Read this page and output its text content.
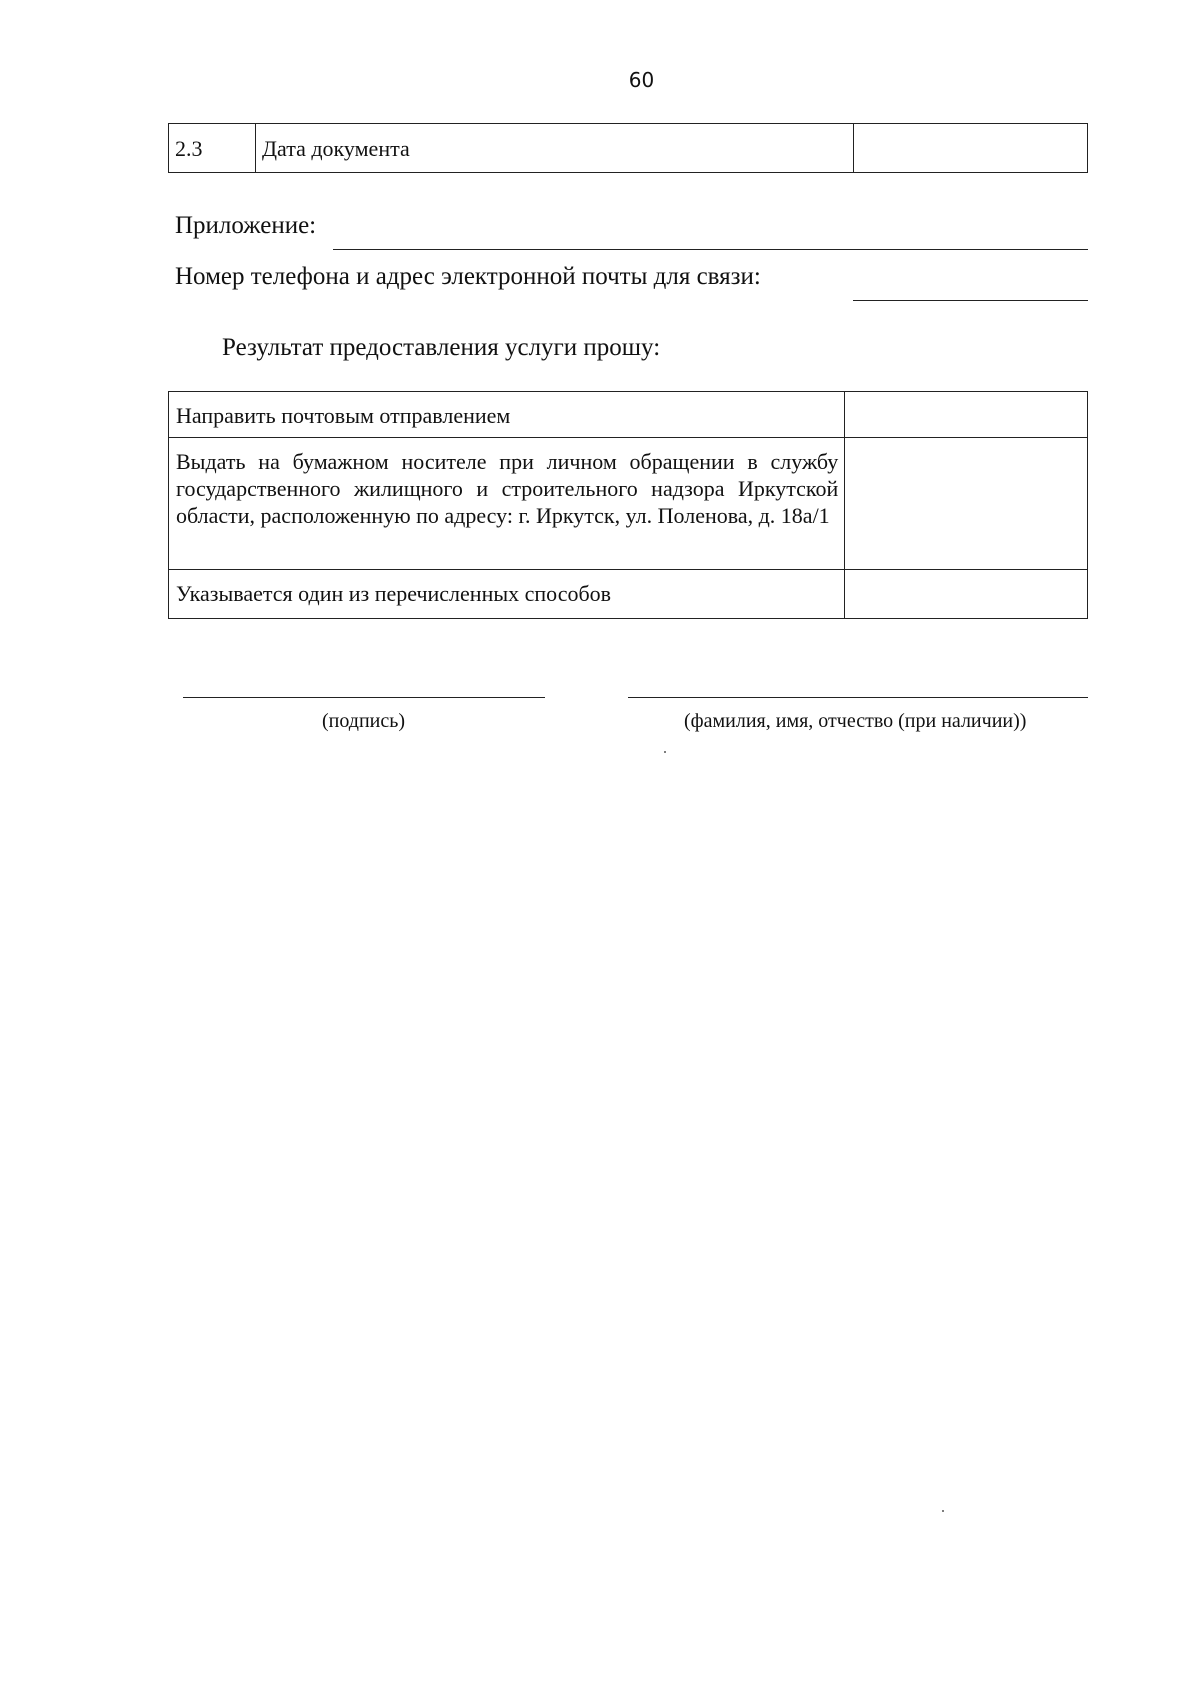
60
2.3	Дата документа	
Приложение:
Номер телефона и адрес электронной почты для связи:
Результат предоставления услуги прошу:
Направить почтовым отправлением	
Выдать на бумажном носителе при личном обращении в службу государственного жилищного и строительного надзора Иркутской области, расположенную по адресу: г. Иркутск, ул. Поленова, д. 18а/1	
Указывается один из перечисленных способов	
(подпись)	(фамилия, имя, отчество (при наличии))
